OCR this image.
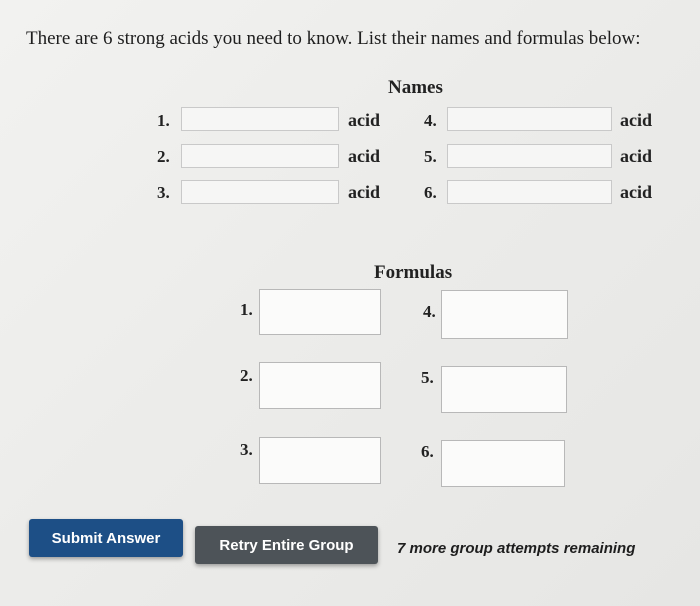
There are 6 strong acids you need to know. List their names and formulas below:
Names
1.	acid
2.	acid
3.	acid
4.	acid
5.	acid
6.	acid
Formulas
1.
2.
3.
4.
5.
6.
Submit Answer	Retry Entire Group	7 more group attempts remaining
